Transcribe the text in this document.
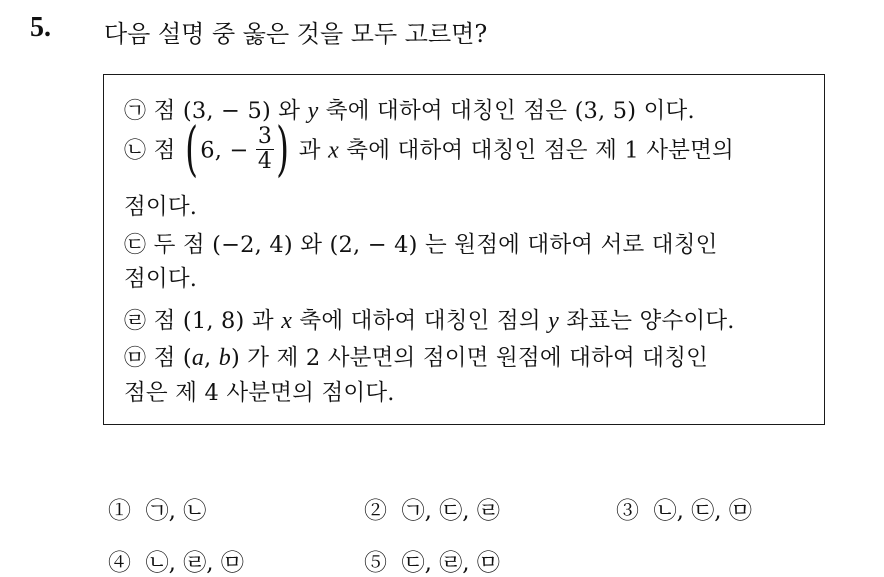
5. 다음 설명 중 옳은 것을 모두 고르면?
㉠ 점 (3, − 5) 와 y 축에 대하여 대칭인 점은 (3, 5) 이다.
㉡ 점 (6, − $\frac{3}{4}$ ) 과 x 축에 대하여 대칭인 점은 제 1 사분면의
점이다.
㉢ 두 점 (−2, 4) 와 (2, − 4) 는 원점에 대하여 서로 대칭인
점이다.
㉣ 점 (1, 8) 과 x 축에 대하여 대칭인 점의 y 좌표는 양수이다.
㉤ 점 (a, b) 가 제 2 사분면의 점이면 원점에 대하여 대칭인
점은 제 4 사분면의 점이다.
① ㉠, ㉡	② ㉠, ㉢, ㉣	③ ㉡, ㉢, ㉤
④ ㉡, ㉣, ㉤	⑤ ㉢, ㉣, ㉤
